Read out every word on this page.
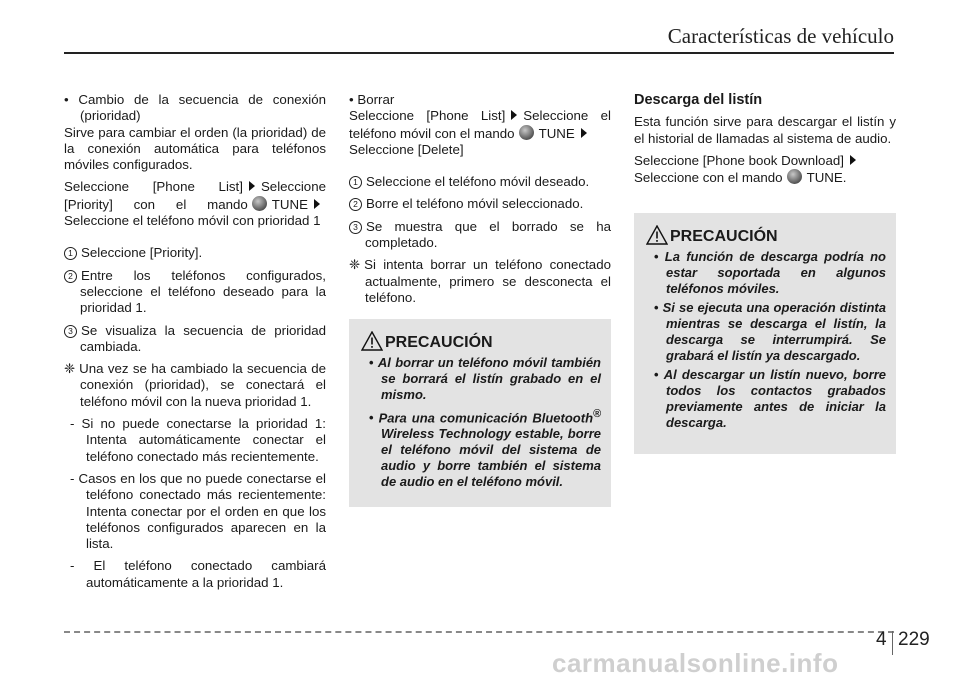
Características de vehículo

• Cambio de la secuencia de conexión (prioridad)

Sirve para cambiar el orden (la prioridad) de la conexión automática para teléfonos móviles configurados.

Seleccione [Phone List] Seleccione [Priority] con el mando TUNESeleccione el teléfono móvil con prioridad 1

1 Seleccione [Priority].

2 Entre los teléfonos configurados, seleccione el teléfono deseado para la prioridad 1.

3 Se visualiza la secuencia de prioridad cambiada.

❈ Una vez se ha cambiado la secuencia de conexión (prioridad), se conectará el teléfono móvil con la nueva prioridad 1.

- Si no puede conectarse la prioridad 1: Intenta automáticamente conectar el teléfono conectado más recientemente.

- Casos en los que no puede conectarse el teléfono conectado más recientemente: Intenta conectar por el orden en que los teléfonos configurados aparecen en la lista.

- El teléfono conectado cambiará automáticamente a la prioridad 1.

• Borrar

Seleccione [Phone List] Seleccione el teléfono móvil con el mando TUNE
Seleccione [Delete]

1 Seleccione el teléfono móvil deseado.

2 Borre el teléfono móvil seleccionado.

3 Se muestra que el borrado se ha completado.

❈ Si intenta borrar un teléfono conectado actualmente, primero se desconecta el teléfono.

PRECAUCIÓN
• Al borrar un teléfono móvil también se borrará el listín grabado en el mismo.
• Para una comunicación Bluetooth® Wireless Technology estable, borre el teléfono móvil del sistema de audio y borre también el sistema de audio en el teléfono móvil.

Descarga del listín

Esta función sirve para descargar el listín y el historial de llamadas al sistema de audio.

Seleccione [Phone book Download]
Seleccione con el mando TUNE.

PRECAUCIÓN
• La función de descarga podría no estar soportada en algunos teléfonos móviles.
• Si se ejecuta una operación distinta mientras se descarga el listín, la descarga se interrumpirá. Se grabará el listín ya descargado.
• Al descargar un listín nuevo, borre todos los contactos grabados previamente antes de iniciar la descarga.
4 229
carmanualsonline.info
